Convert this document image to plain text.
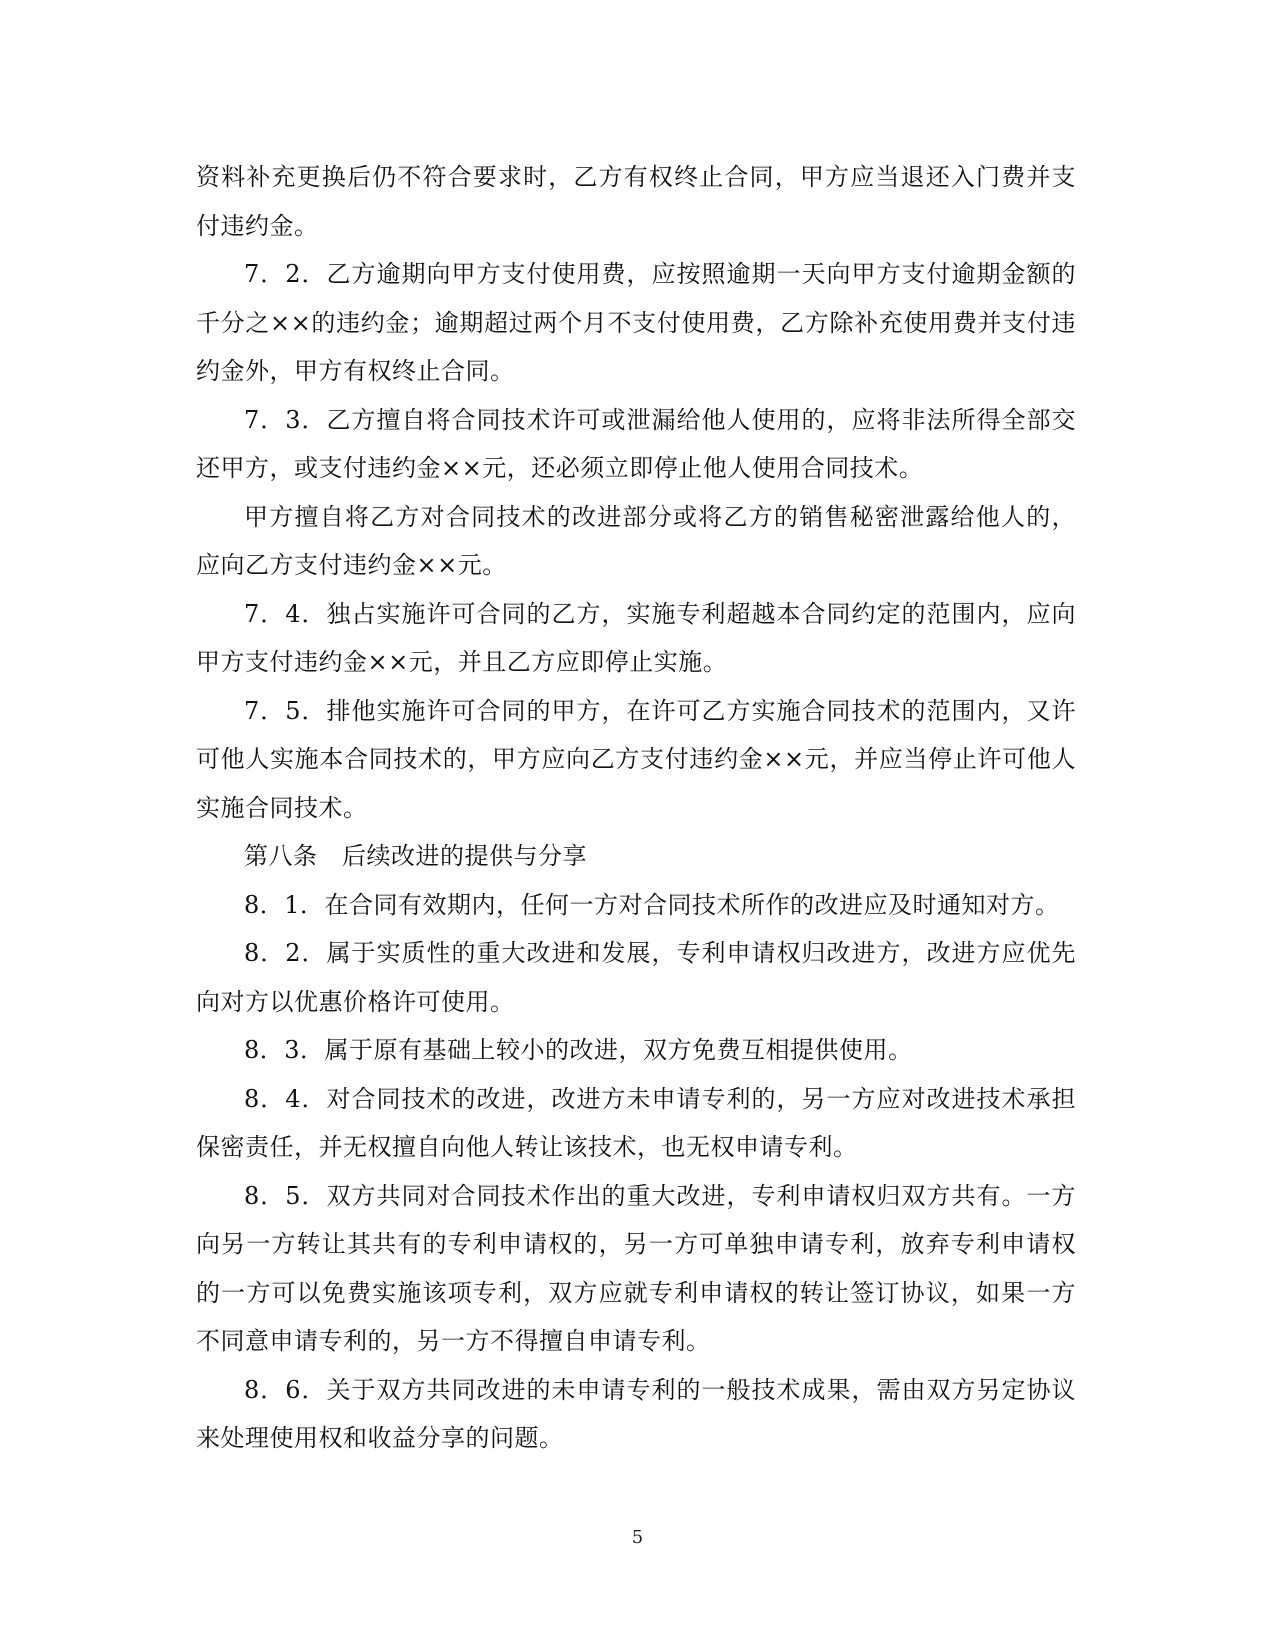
资料补充更换后仍不符合要求时，乙方有权终止合同，甲方应当退还入门费并支付违约金。

7．2．乙方逾期向甲方支付使用费，应按照逾期一天向甲方支付逾期金额的千分之××的违约金；逾期超过两个月不支付使用费，乙方除补充使用费并支付违约金外，甲方有权终止合同。

7．3．乙方擅自将合同技术许可或泄漏给他人使用的，应将非法所得全部交还甲方，或支付违约金××元，还必须立即停止他人使用合同技术。

甲方擅自将乙方对合同技术的改进部分或将乙方的销售秘密泄露给他人的，应向乙方支付违约金××元。

7．4．独占实施许可合同的乙方，实施专利超越本合同约定的范围内，应向甲方支付违约金××元，并且乙方应即停止实施。

7．5．排他实施许可合同的甲方，在许可乙方实施合同技术的范围内，又许可他人实施本合同技术的，甲方应向乙方支付违约金××元，并应当停止许可他人实施合同技术。

第八条　后续改进的提供与分享

8．1．在合同有效期内，任何一方对合同技术所作的改进应及时通知对方。

8．2．属于实质性的重大改进和发展，专利申请权归改进方，改进方应优先向对方以优惠价格许可使用。

8．3．属于原有基础上较小的改进，双方免费互相提供使用。

8．4．对合同技术的改进，改进方未申请专利的，另一方应对改进技术承担保密责任，并无权擅自向他人转让该技术，也无权申请专利。

8．5．双方共同对合同技术作出的重大改进，专利申请权归双方共有。一方向另一方转让其共有的专利申请权的，另一方可单独申请专利，放弃专利申请权的一方可以免费实施该项专利，双方应就专利申请权的转让签订协议，如果一方不同意申请专利的，另一方不得擅自申请专利。

8．6．关于双方共同改进的未申请专利的一般技术成果，需由双方另定协议来处理使用权和收益分享的问题。

5
